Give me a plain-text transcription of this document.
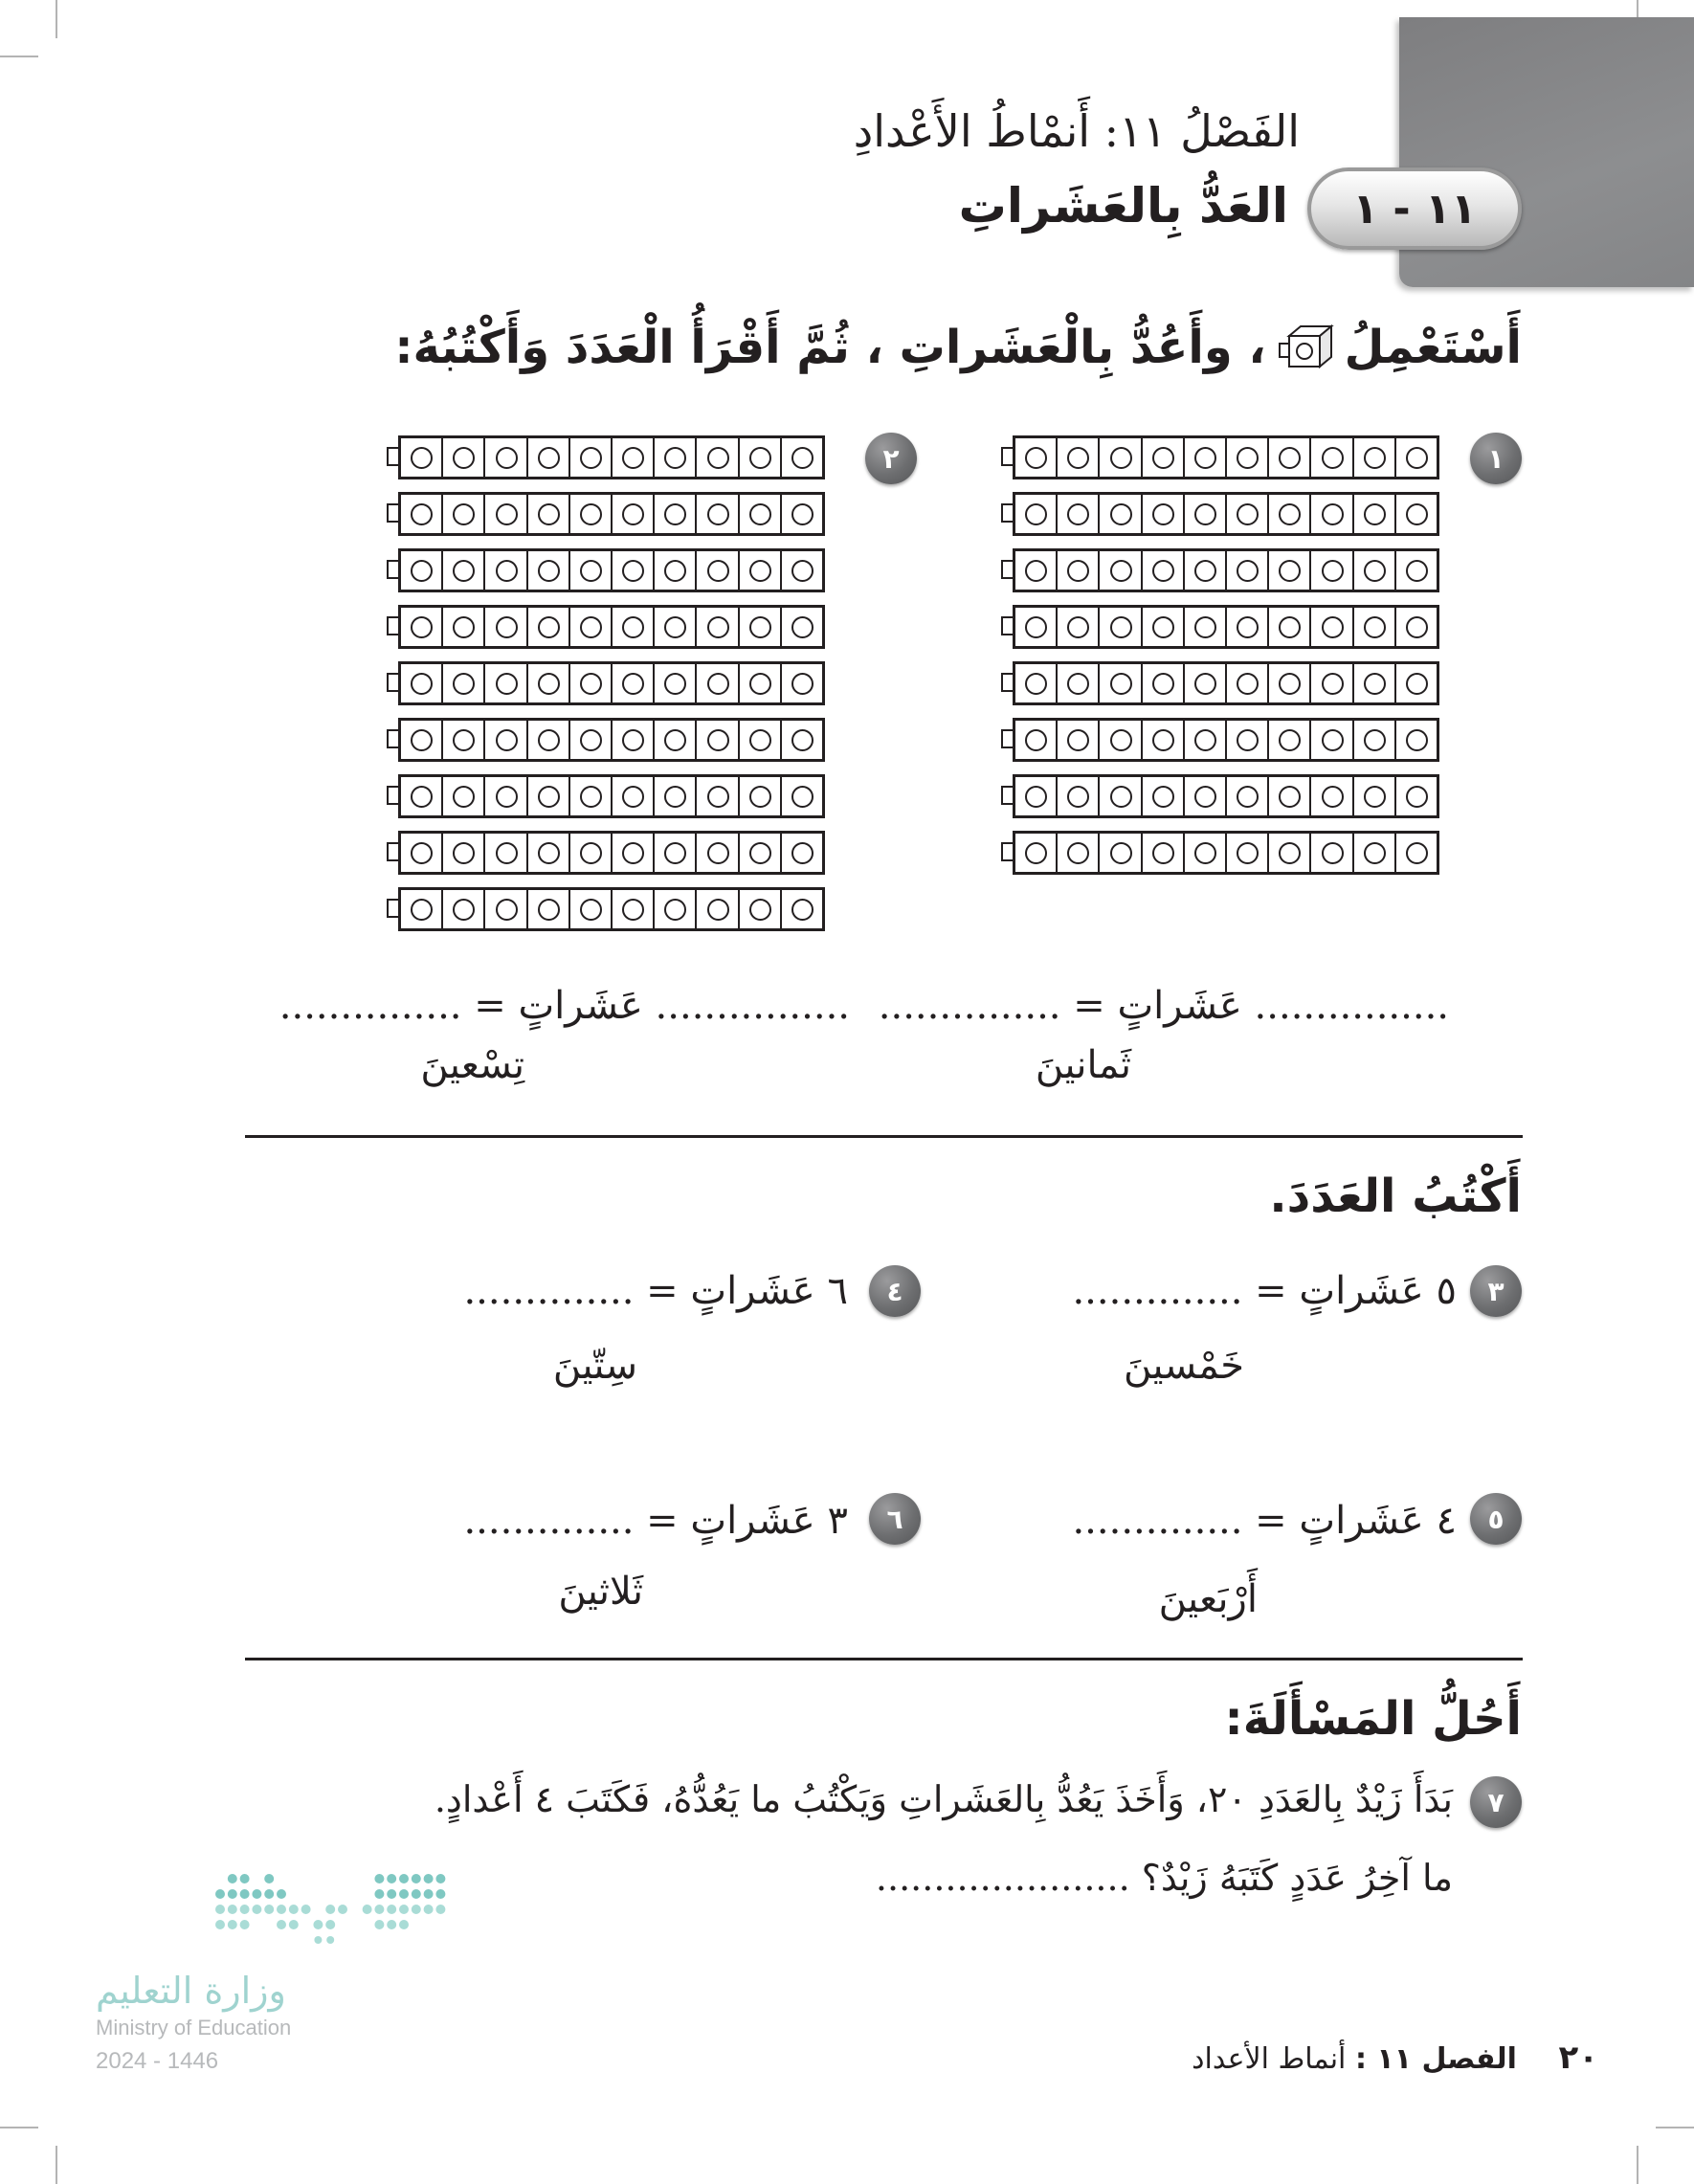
الفَصْلُ ١١: أَنمْاطُ الأَعْدادِ
١١ - ١
العَدُّ بِالعَشَراتِ
أَسْتَعْمِلُ
، وأَعُدُّ بِالْعَشَراتِ ، ثُمَّ أَقْرَأُ الْعَدَدَ وَأَكْتُبُهُ:
١
٢
................ عَشَراتٍ = ...............
ثَمانينَ
................ عَشَراتٍ = ...............
تِسْعينَ
أَكْتُبُ العَدَدَ.
٣
٥ عَشَراتٍ = ..............
خَمْسينَ
٤
٦ عَشَراتٍ = ..............
سِتّينَ
٥
٤ عَشَراتٍ = ..............
أَرْبَعينَ
٦
٣ عَشَراتٍ = ..............
ثَلاثينَ
أَحُلُّ المَسْأَلَةَ:
٧
بَدَأَ زَيْدٌ بِالعَدَدِ ٢٠، وَأَخَذَ يَعُدُّ بِالعَشَراتِ وَيَكْتُبُ ما يَعُدُّهُ، فَكَتَبَ ٤ أَعْدادٍ.
ما آخِرُ عَدَدٍ كَتَبَهُ زَيْدٌ؟ ......................
وزارة التعليم
Ministry of Education
2024 - 1446	٢٠ الفصل ١١ : أنماط الأعداد
